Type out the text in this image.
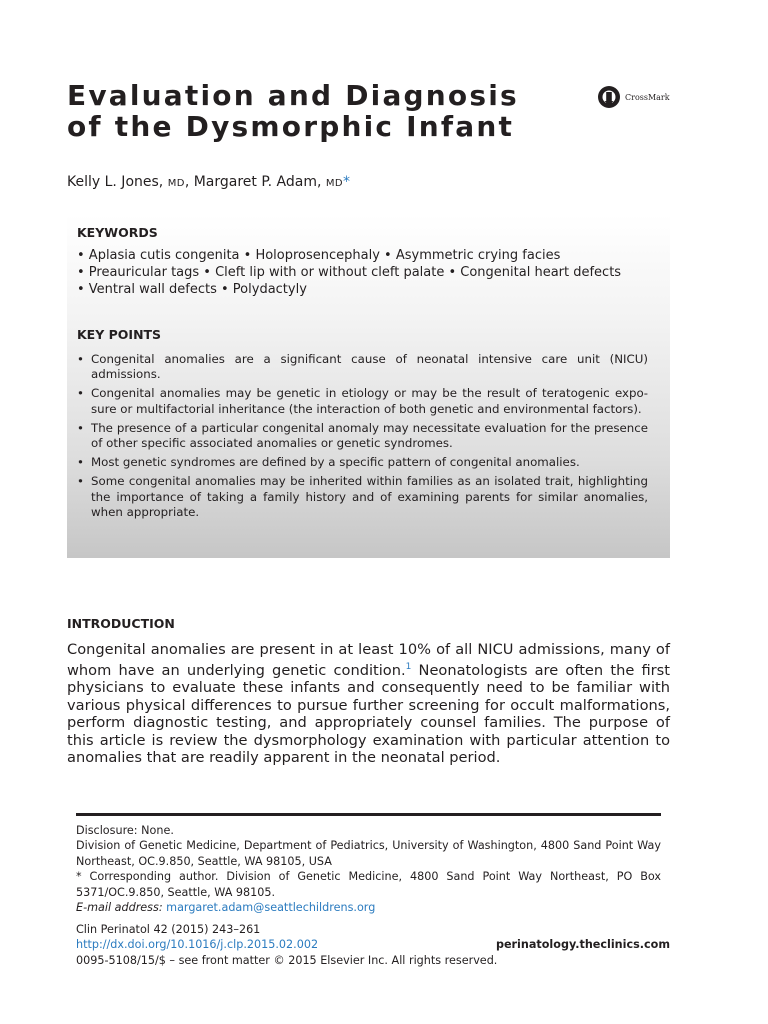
Evaluation and Diagnosis
of the Dysmorphic Infant
CrossMark
Kelly L. Jones, MD, Margaret P. Adam, MD*
KEYWORDS
• Aplasia cutis congenita • Holoprosencephaly • Asymmetric crying facies
• Preauricular tags • Cleft lip with or without cleft palate • Congenital heart defects
• Ventral wall defects • Polydactyly
KEY POINTS
• Congenital anomalies are a significant cause of neonatal intensive care unit (NICU) admissions.
• Congenital anomalies may be genetic in etiology or may be the result of teratogenic exposure or multifactorial inheritance (the interaction of both genetic and environmental factors).
• The presence of a particular congenital anomaly may necessitate evaluation for the presence of other specific associated anomalies or genetic syndromes.
• Most genetic syndromes are defined by a specific pattern of congenital anomalies.
• Some congenital anomalies may be inherited within families as an isolated trait, highlighting the importance of taking a family history and of examining parents for similar anomalies, when appropriate.
INTRODUCTION

Congenital anomalies are present in at least 10% of all NICU admissions, many of whom have an underlying genetic condition.$^1$ Neonatologists are often the first physicians to evaluate these infants and consequently need to be familiar with various physical differences to pursue further screening for occult malformations, perform diagnostic testing, and appropriately counsel families. The purpose of this article is review the dysmorphology examination with particular attention to anomalies that are readily apparent in the neonatal period.

Disclosure: None.

Division of Genetic Medicine, Department of Pediatrics, University of Washington, 4800 Sand Point Way Northeast, OC.9.850, Seattle, WA 98105, USA

* Corresponding author. Division of Genetic Medicine, 4800 Sand Point Way Northeast, PO Box 5371/OC.9.850, Seattle, WA 98105.

E-mail address: margaret.adam@seattlechildrens.org

Clin Perinatol 42 (2015) 243–261
http://dx.doi.org/10.1016/j.clp.2015.02.002	perinatology.theclinics.com
0095-5108/15/$ – see front matter © 2015 Elsevier Inc. All rights reserved.
